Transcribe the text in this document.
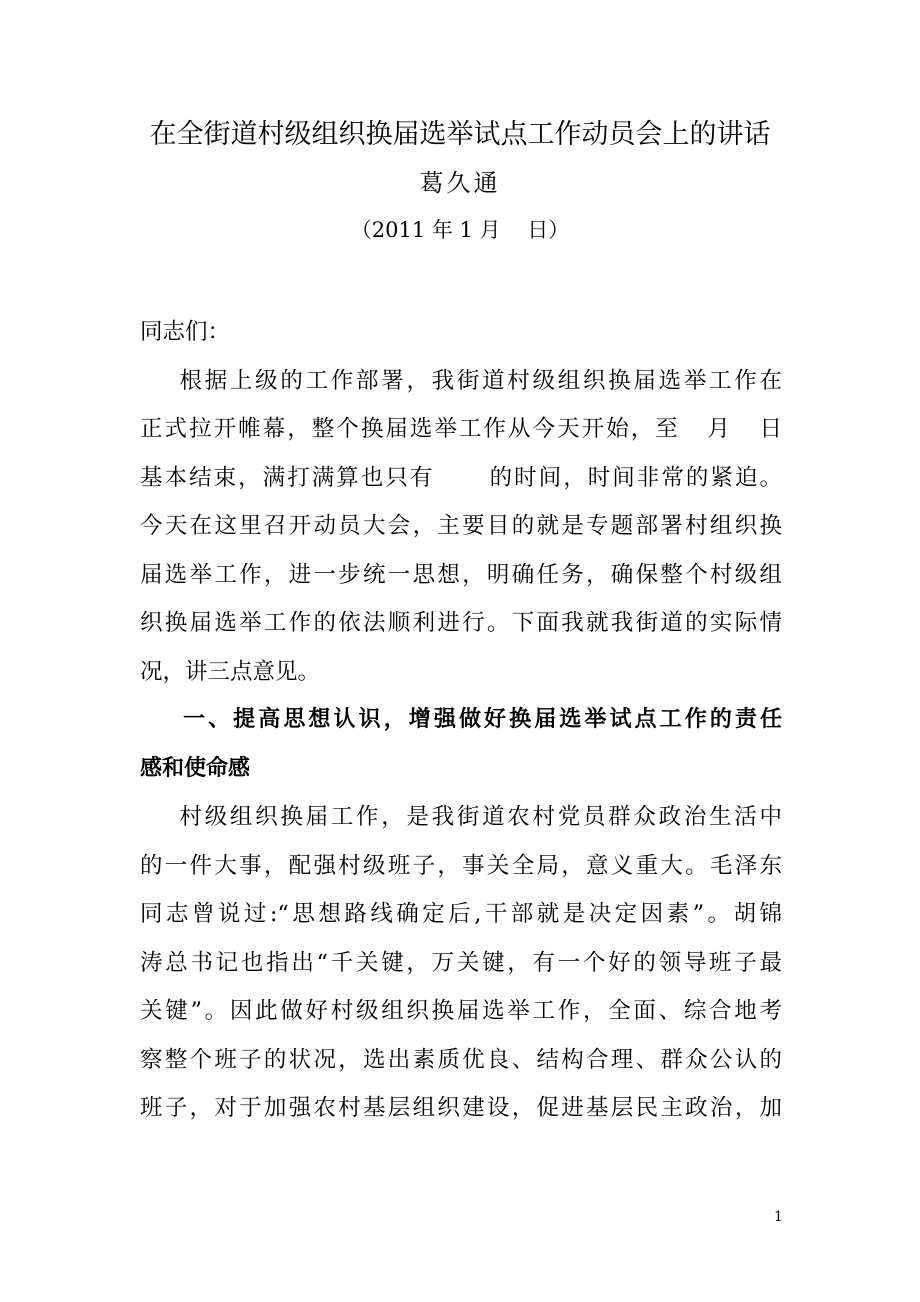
在全街道村级组织换届选举试点工作动员会上的讲话
葛久通
（2011 年 1 月    日）
同志们：
根据上级的工作部署，我街道村级组织换届选举工作在
正式拉开帷幕，整个换届选举工作从今天开始，至   月   日
基本结束，满打满算也只有      的时间，时间非常的紧迫。
今天在这里召开动员大会，主要目的就是专题部署村组织换
届选举工作，进一步统一思想，明确任务，确保整个村级组
织换届选举工作的依法顺利进行。下面我就我街道的实际情
况，讲三点意见。
一、提高思想认识，增强做好换届选举试点工作的责任
感和使命感
村级组织换届工作，是我街道农村党员群众政治生活中
的一件大事，配强村级班子，事关全局，意义重大。毛泽东
同志曾说过:“思想路线确定后,干部就是决定因素”。胡锦
涛总书记也指出“千关键，万关键，有一个好的领导班子最
关键”。因此做好村级组织换届选举工作，全面、综合地考
察整个班子的状况，选出素质优良、结构合理、群众公认的
班子，对于加强农村基层组织建设，促进基层民主政治，加
1
